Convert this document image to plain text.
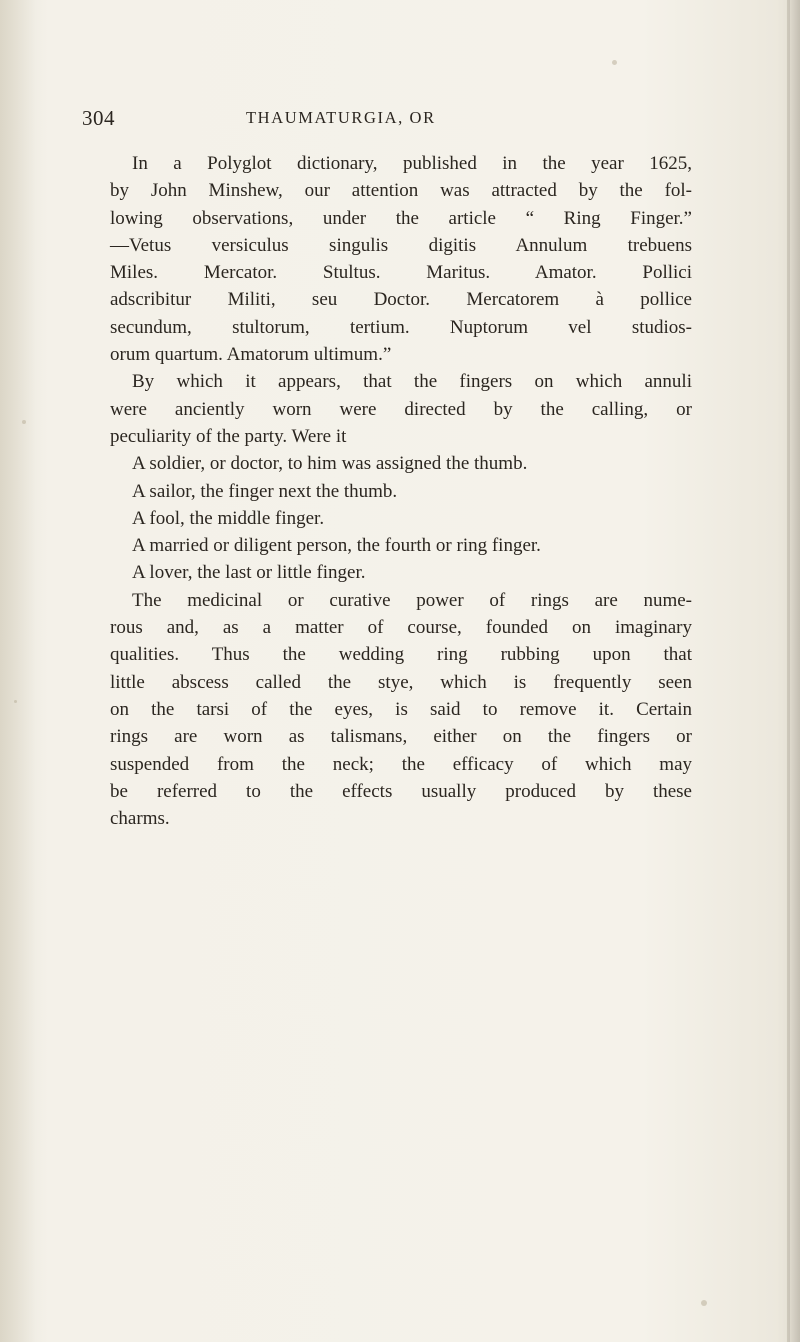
304	THAUMATURGIA, OR
In a Polyglot dictionary, published in the year 1625,
by John Minshew, our attention was attracted by the fol-
lowing observations, under the article “ Ring Finger.”
—Vetus versiculus singulis digitis Annulum trebuens
Miles. Mercator. Stultus. Maritus. Amator. Pollici
adscribitur Militi, seu Doctor. Mercatorem à pollice
secundum, stultorum, tertium. Nuptorum vel studios-
orum quartum. Amatorum ultimum.”
By which it appears, that the fingers on which annuli
were anciently worn were directed by the calling, or
peculiarity of the party. Were it
A soldier, or doctor, to him was assigned the thumb.
A sailor, the finger next the thumb.
A fool, the middle finger.
A married or diligent person, the fourth or ring finger.
A lover, the last or little finger.
The medicinal or curative power of rings are nume-
rous and, as a matter of course, founded on imaginary
qualities. Thus the wedding ring rubbing upon that
little abscess called the stye, which is frequently seen
on the tarsi of the eyes, is said to remove it. Certain
rings are worn as talismans, either on the fingers or
suspended from the neck; the efficacy of which may
be referred to the effects usually produced by these
charms.
